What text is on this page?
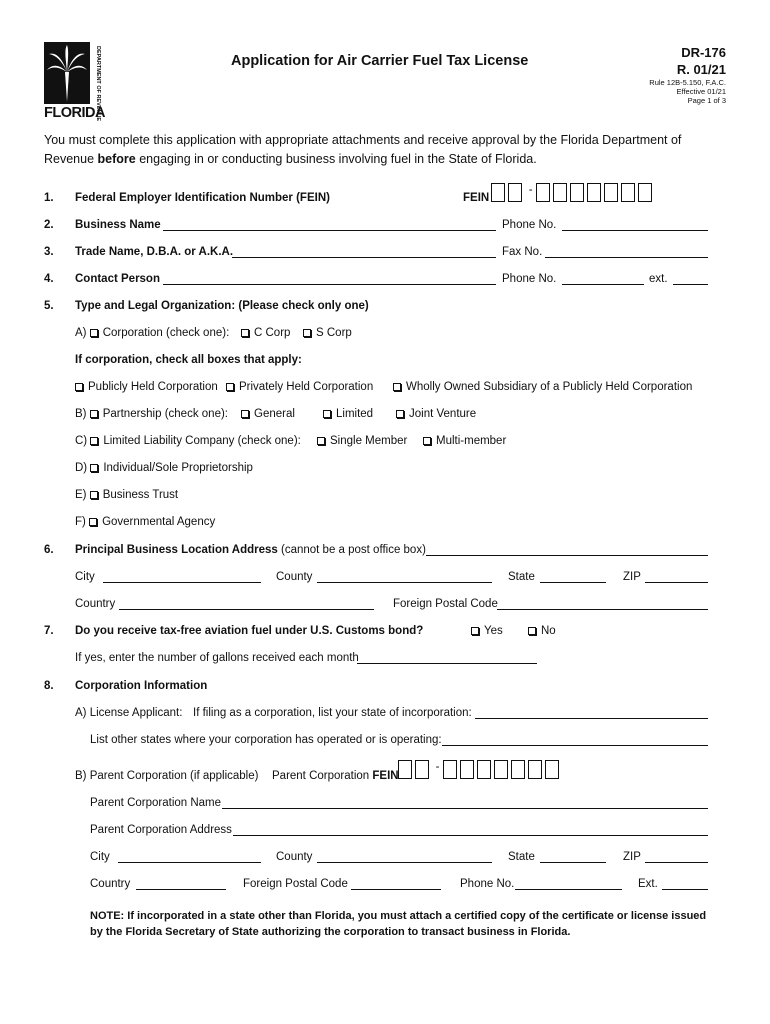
DEPARTMENT OF REVENUE
FLORIDA
Application for Air Carrier Fuel Tax License
DR-176
R. 01/21
Rule 12B-5.150, F.A.C.
Effective 01/21
Page 1 of 3
You must complete this application with appropriate attachments and receive approval by the Florida Department of Revenue before engaging in or conducting business involving fuel in the State of Florida.
1. Federal Employer Identification Number (FEIN)	FEIN-
2. Business Name	Phone No.
3. Trade Name, D.B.A. or A.K.A.	Fax No.
4. Contact Person	Phone No.	ext.
5. Type and Legal Organization: (Please check only one)
A) Corporation (check one):	C Corp	S Corp
If corporation, check all boxes that apply:
Publicly Held Corporation	Privately Held Corporation	Wholly Owned Subsidiary of a Publicly Held Corporation
B) Partnership (check one):	General	Limited	Joint Venture
C) Limited Liability Company (check one):	Single Member	Multi-member
D) Individual/Sole Proprietorship
E) Business Trust
F) Governmental Agency
6. Principal Business Location Address (cannot be a post office box)
City	County	State	ZIP
Country	Foreign Postal Code
7. Do you receive tax-free aviation fuel under U.S. Customs bond?	Yes	No
If yes, enter the number of gallons received each month
8. Corporation Information
A) License Applicant: If filing as a corporation, list your state of incorporation:
List other states where your corporation has operated or is operating:
B) Parent Corporation (if applicable) Parent Corporation FEIN
-
Parent Corporation Name
Parent Corporation Address
City	County	State	ZIP
Country	Foreign Postal Code	Phone No.	Ext.
NOTE: If incorporated in a state other than Florida, you must attach a certified copy of the certificate or license issued by the Florida Secretary of State authorizing the corporation to transact business in Florida.
